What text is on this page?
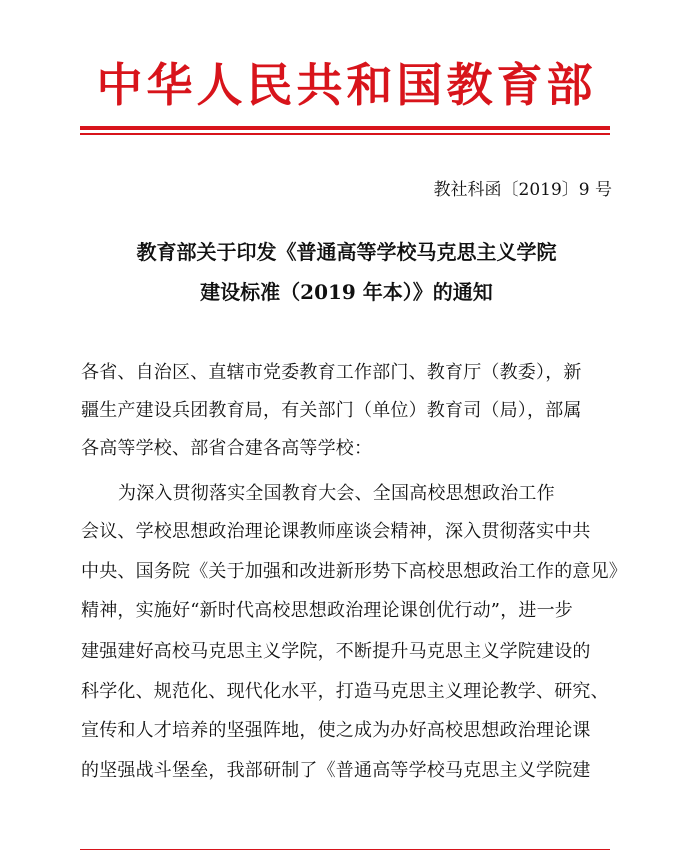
中华人民共和国教育部
教社科函〔2019〕9 号
教育部关于印发《普通高等学校马克思主义学院
建设标准（2019 年本）》的通知
各省、自治区、直辖市党委教育工作部门、教育厅（教委），新
疆生产建设兵团教育局，有关部门（单位）教育司（局），部属
各高等学校、部省合建各高等学校：
为深入贯彻落实全国教育大会、全国高校思想政治工作
会议、学校思想政治理论课教师座谈会精神，深入贯彻落实中共
中央、国务院《关于加强和改进新形势下高校思想政治工作的意见》
精神，实施好“新时代高校思想政治理论课创优行动”，进一步
建强建好高校马克思主义学院，不断提升马克思主义学院建设的
科学化、规范化、现代化水平，打造马克思主义理论教学、研究、
宣传和人才培养的坚强阵地，使之成为办好高校思想政治理论课
的坚强战斗堡垒，我部研制了《普通高等学校马克思主义学院建
